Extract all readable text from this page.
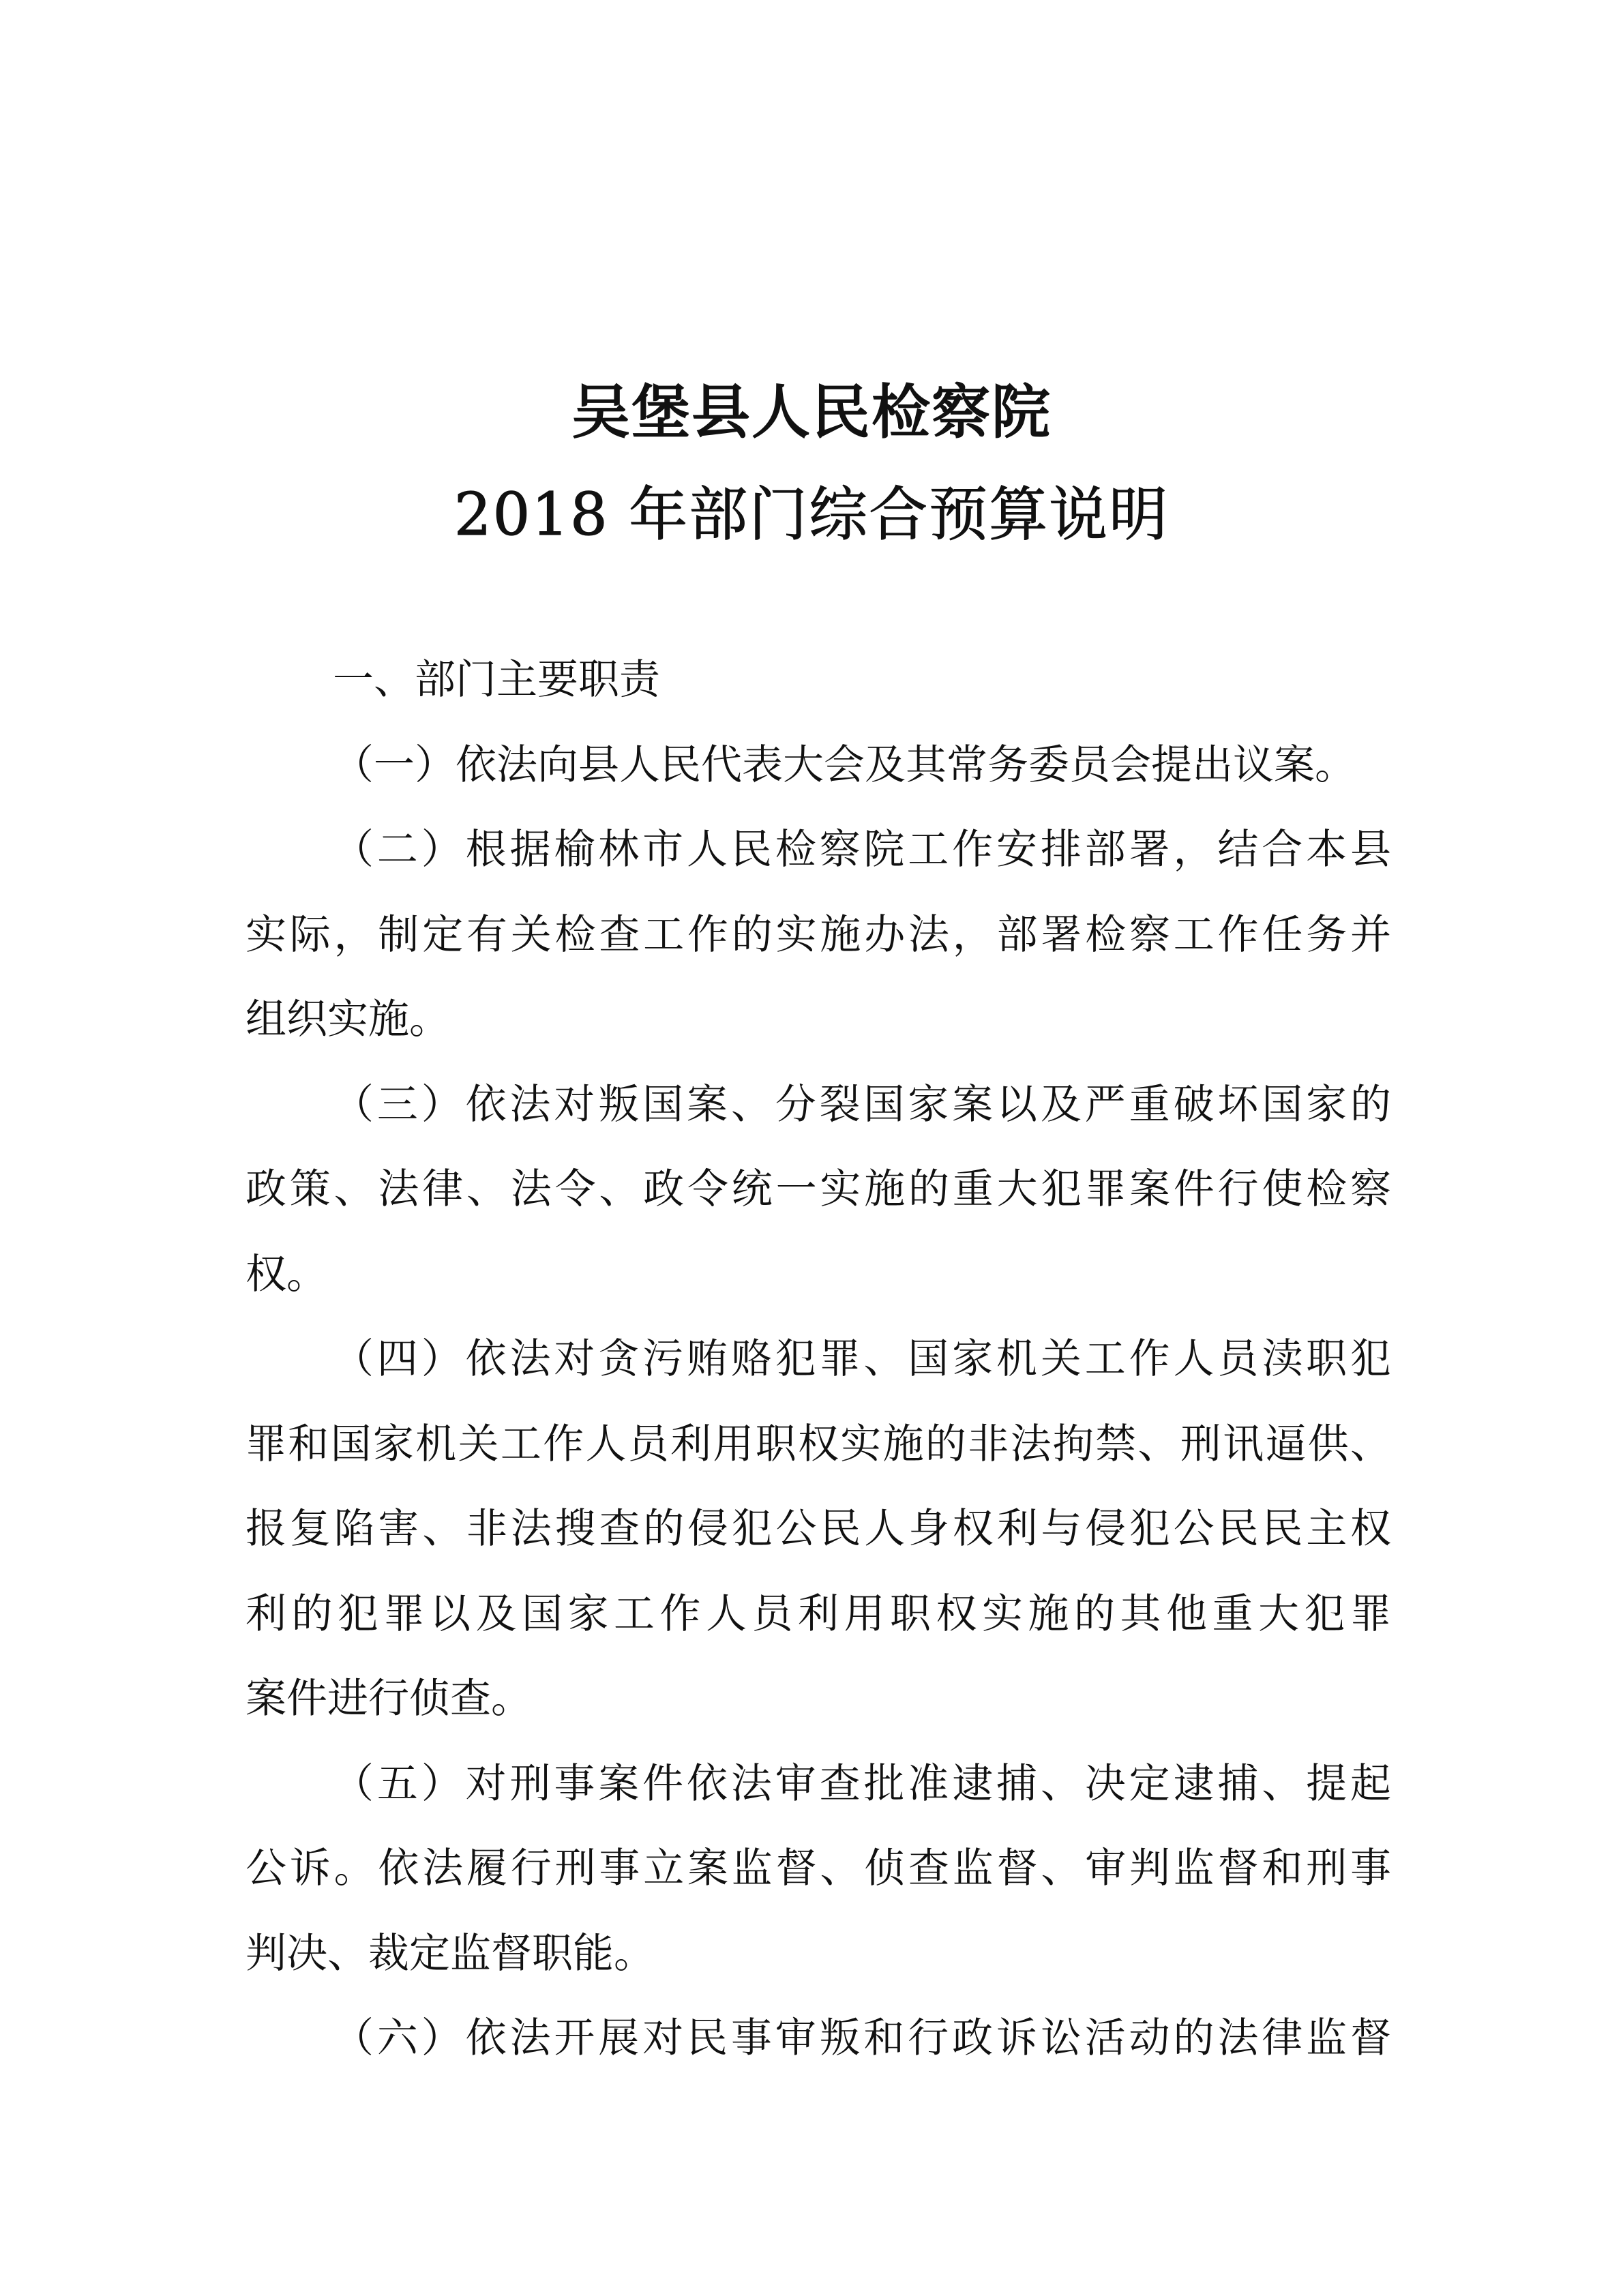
吴堡县人民检察院
2018 年部门综合预算说明
一、部门主要职责
（一）依法向县人民代表大会及其常务委员会提出议案。
（二）根据榆林市人民检察院工作安排部署，结合本县
实际，制定有关检查工作的实施办法，部署检察工作任务并
组织实施。
（三）依法对叛国案、分裂国家案以及严重破坏国家的
政策、法律、法令、政令统一实施的重大犯罪案件行使检察
权。
（四）依法对贪污贿赂犯罪、国家机关工作人员渎职犯
罪和国家机关工作人员利用职权实施的非法拘禁、刑讯逼供、
报复陷害、非法搜查的侵犯公民人身权利与侵犯公民民主权
利的犯罪以及国家工作人员利用职权实施的其他重大犯罪
案件进行侦查。
（五）对刑事案件依法审查批准逮捕、决定逮捕、提起
公诉。依法履行刑事立案监督、侦查监督、审判监督和刑事
判决、裁定监督职能。
（六）依法开展对民事审叛和行政诉讼活动的法律监督
